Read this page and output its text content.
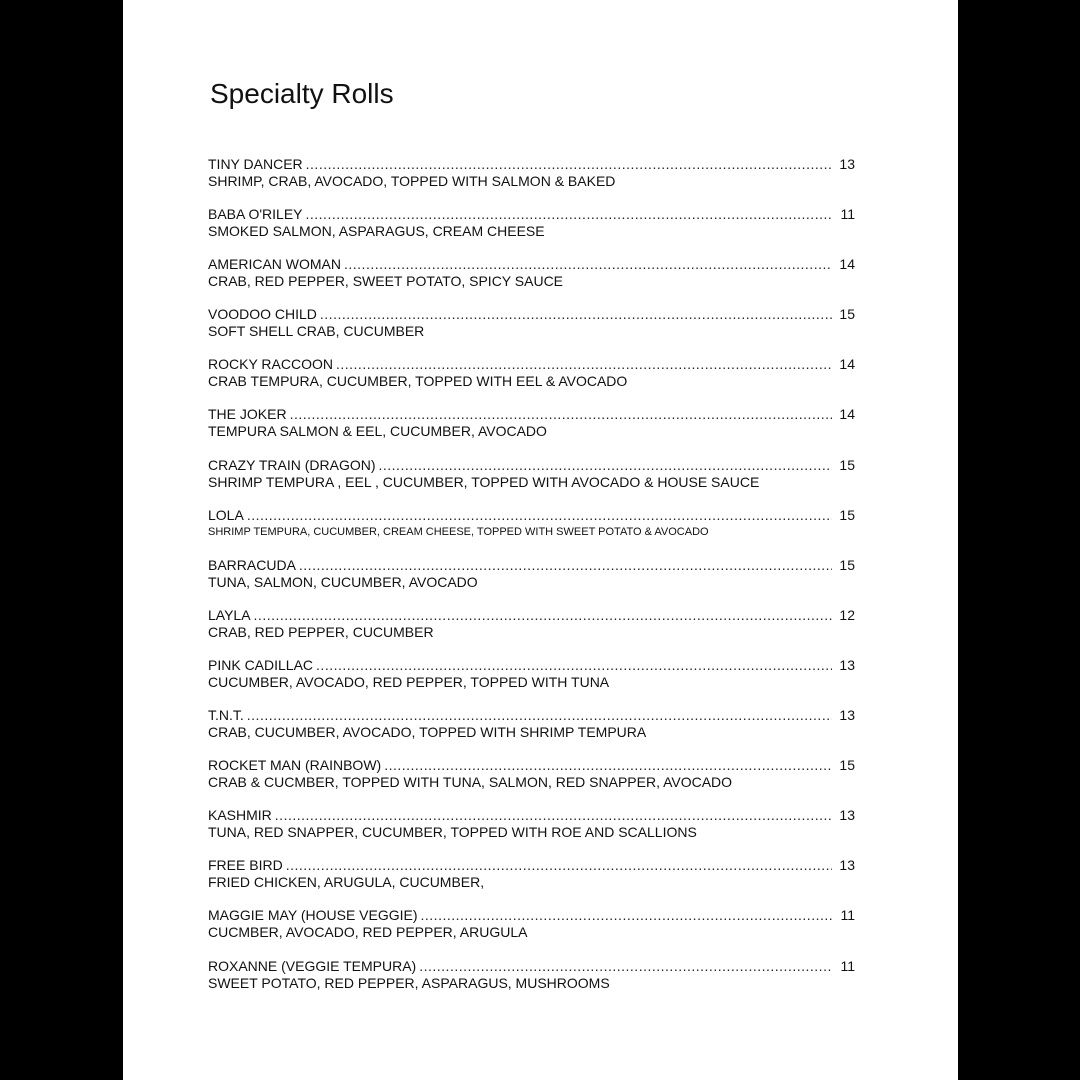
Specialty Rolls
TINY DANCER .....	13
SHRIMP, CRAB, AVOCADO, TOPPED WITH SALMON & BAKED
BABA O'RILEY .....	11
SMOKED SALMON, ASPARAGUS, CREAM CHEESE
AMERICAN WOMAN .....	14
CRAB, RED PEPPER, SWEET POTATO, SPICY SAUCE
VOODOO CHILD .....	15
SOFT SHELL CRAB, CUCUMBER
ROCKY RACCOON .....	14
CRAB TEMPURA, CUCUMBER, TOPPED WITH EEL & AVOCADO
THE JOKER .....	14
TEMPURA SALMON & EEL, CUCUMBER, AVOCADO
CRAZY TRAIN (DRAGON) .....	15
SHRIMP TEMPURA , EEL , CUCUMBER, TOPPED WITH AVOCADO & HOUSE SAUCE
LOLA .....	15
SHRIMP TEMPURA, CUCUMBER, CREAM CHEESE, TOPPED WITH SWEET POTATO & AVOCADO
BARRACUDA .....	15
TUNA, SALMON, CUCUMBER, AVOCADO
LAYLA .....	12
CRAB, RED PEPPER, CUCUMBER
PINK CADILLAC .....	13
CUCUMBER, AVOCADO, RED PEPPER, TOPPED WITH TUNA
T.N.T. .....	13
CRAB, CUCUMBER, AVOCADO, TOPPED WITH SHRIMP TEMPURA
ROCKET MAN (RAINBOW) .....	15
CRAB & CUCMBER, TOPPED WITH TUNA, SALMON, RED SNAPPER, AVOCADO
KASHMIR .....	13
TUNA, RED SNAPPER, CUCUMBER, TOPPED WITH ROE AND SCALLIONS
FREE BIRD .....	13
FRIED CHICKEN, ARUGULA, CUCUMBER,
MAGGIE MAY (HOUSE VEGGIE) .....	11
CUCMBER, AVOCADO, RED PEPPER, ARUGULA
ROXANNE (VEGGIE TEMPURA) .....	11
SWEET POTATO, RED PEPPER, ASPARAGUS, MUSHROOMS
